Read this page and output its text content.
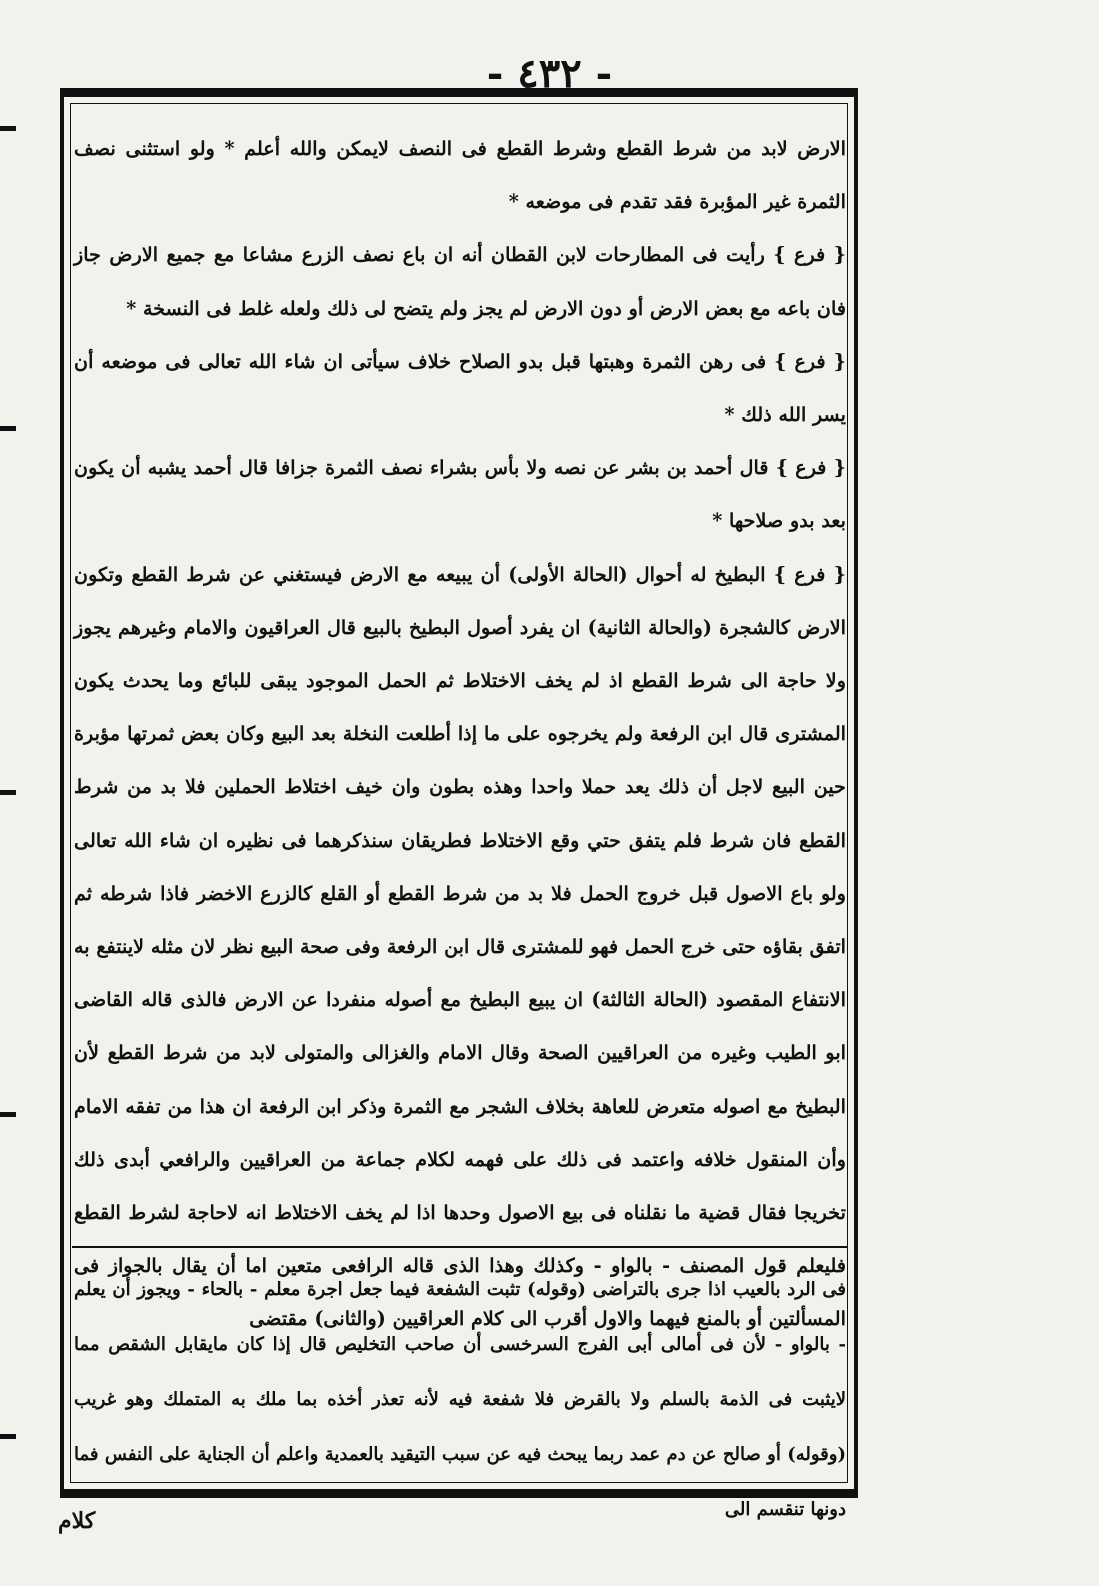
- ٤٣٢ -

الارض لابد من شرط القطع وشرط القطع فى النصف لايمكن والله أعلم * ولو استثنى نصف الثمرة غير المؤبرة فقد تقدم فى موضعه *

{ فرع } رأيت فى المطارحات لابن القطان أنه ان باع نصف الزرع مشاعا مع جميع الارض جاز فان باعه مع بعض الارض أو دون الارض لم يجز ولم يتضح لى ذلك ولعله غلط فى النسخة *

{ فرع } فى رهن الثمرة وهبتها قبل بدو الصلاح خلاف سيأتى ان شاء الله تعالى فى موضعه أن يسر الله ذلك *

{ فرع } قال أحمد بن بشر عن نصه ولا بأس بشراء نصف الثمرة جزافا قال أحمد يشبه أن يكون بعد بدو صلاحها *

{ فرع } البطيخ له أحوال (الحالة الأولى) أن يبيعه مع الارض فيستغني عن شرط القطع وتكون الارض كالشجرة (والحالة الثانية) ان يفرد أصول البطيخ بالبيع قال العراقيون والامام وغيرهم يجوز ولا حاجة الى شرط القطع اذ لم يخف الاختلاط ثم الحمل الموجود يبقى للبائع وما يحدث يكون المشترى قال ابن الرفعة ولم يخرجوه على ما إذا أطلعت النخلة بعد البيع وكان بعض ثمرتها مؤبرة حين البيع لاجل أن ذلك يعد حملا واحدا وهذه بطون وان خيف اختلاط الحملين فلا بد من شرط القطع فان شرط فلم يتفق حتي وقع الاختلاط فطريقان سنذكرهما فى نظيره ان شاء الله تعالى ولو باع الاصول قبل خروج الحمل فلا بد من شرط القطع أو القلع كالزرع الاخضر فاذا شرطه ثم اتفق بقاؤه حتى خرج الحمل فهو للمشترى قال ابن الرفعة وفى صحة البيع نظر لان مثله لاينتفع به الانتفاع المقصود (الحالة الثالثة) ان يبيع البطيخ مع أصوله منفردا عن الارض فالذى قاله القاضى ابو الطيب وغيره من العراقيين الصحة وقال الامام والغزالى والمتولى لابد من شرط القطع لأن البطيخ مع اصوله متعرض للعاهة بخلاف الشجر مع الثمرة وذكر ابن الرفعة ان هذا من تفقه الامام وأن المنقول خلافه واعتمد فى ذلك على فهمه لكلام جماعة من العراقيين والرافعي أبدى ذلك تخريجا فقال قضية ما نقلناه فى بيع الاصول وحدها اذا لم يخف الاختلاط انه لاحاجة لشرط القطع فليعلم قول المصنف - بالواو - وكذلك وهذا الذى قاله الرافعى متعين اما أن يقال بالجواز فى المسألتين أو بالمنع فيهما والاول أقرب الى كلام العراقيين (والثانى) مقتضى

فى الرد بالعيب اذا جرى بالتراضى (وقوله) تثبت الشفعة فيما جعل اجرة معلم - بالحاء - ويجوز أن يعلم - بالواو - لأن فى أمالى أبى الفرج السرخسى أن صاحب التخليص قال إذا كان مايقابل الشقص مما لايثبت فى الذمة بالسلم ولا بالقرض فلا شفعة فيه لأنه تعذر أخذه بما ملك به المتملك وهو غريب (وقوله) أو صالح عن دم عمد ربما يبحث فيه عن سبب التيقيد بالعمدية واعلم أن الجناية على النفس فما دونها تنقسم الى

كلام
